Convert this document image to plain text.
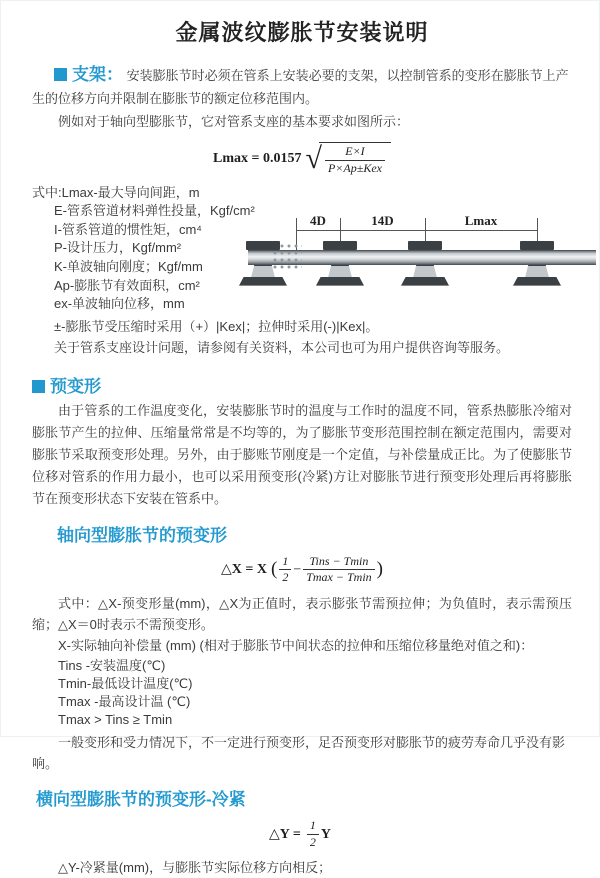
金属波纹膨胀节安装说明

支架： 安装膨胀节时必须在管系上安装必要的支架，以控制管系的变形在膨胀节上产生的位移方向并限制在膨胀节的额定位移范围内。

例如对于轴向型膨胀节，它对管系支座的基本要求如图所示：

Lmax = 0.0157 √ $\frac{E\times I}{\text{P×Ap±Kex}}$
式中:Lmax-最大导向间距，m
E-管系管道材料弹性投量，Kgf/cm²
I-管系管道的惯性矩，cm⁴
P-设计压力，Kgf/mm²
K-单波轴向刚度；Kgf/mm
Ap-膨胀节有效面积，cm²
ex-单波轴向位移，mm
4D	14D	Lmax

±-膨胀节受压缩时采用（+）|Kex|；拉伸时采用(-)|Kex|。

关于管系支座设计问题，请参阅有关资料，本公司也可为用户提供咨询等服务。

预变形

由于管系的工作温度变化，安装膨胀节时的温度与工作时的温度不同，管系热膨胀冷缩对膨胀节产生的拉伸、压缩量常常是不均等的，为了膨胀节变形范围控制在额定范围内，需要对膨胀节采取预变形处理。另外，由于膨账节刚度是一个定值，与补偿量成正比。为了使膨胀节位移对管系的作用力最小，也可以采用预变形(冷紧)方让对膨胀节进行预变形处理后再将膨胀节在预变形状态下安装在管系中。

轴向型膨胀节的预变形
△X = X ( $\frac{1}{2} - \frac{\text{Tins − Tmin}}{Tmax - Tmin}$ )

式中：△X-预变形量(mm)，△X为正值时，表示膨张节需预拉伸；为负值时，表示需预压缩；△X＝0时表示不需预变形。

X-实际轴向补偿量 (mm) (相对于膨胀节中间状态的拉伸和压缩位移量绝对值之和)：

Tins -安装温度(℃)

Tmin-最低设计温度(℃)

Tmax -最高设计温 (℃)

Tmax > Tins ≥ Tmin

一般变形和受力情况下，不一定进行预变形，足否预变形对膨胀节的疲劳寿命几乎没有影响。

横向型膨胀节的预变形-冷紧
△Y = $\frac{1}{2}$ Y

△Y-冷紧量(mm)，与膨胀节实际位移方向相反；
